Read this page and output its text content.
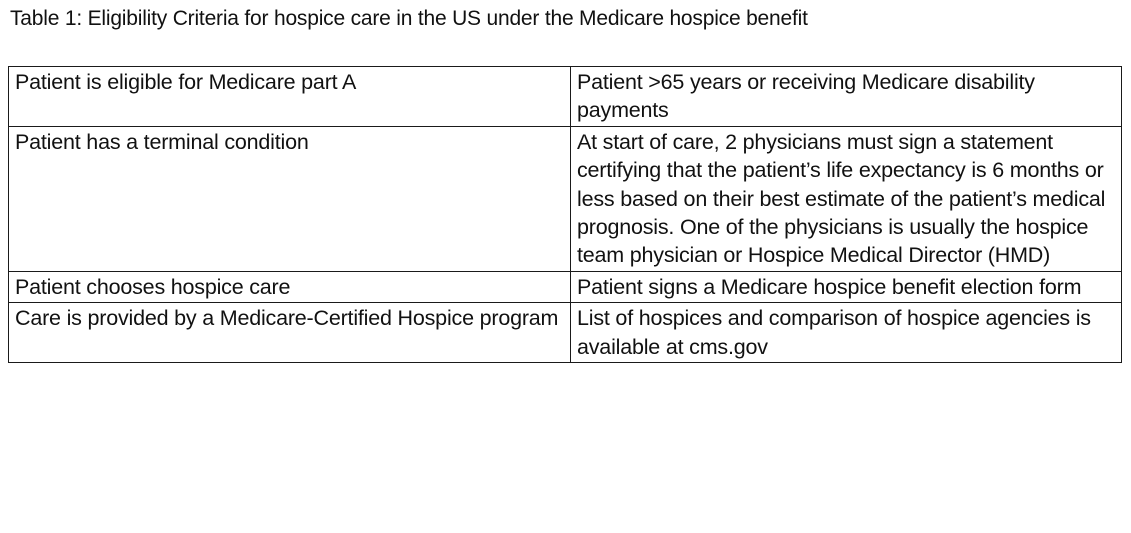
Table 1: Eligibility Criteria for hospice care in the US under the Medicare hospice benefit
Patient is eligible for Medicare part A	Patient >65 years or receiving Medicare disability payments
Patient has a terminal condition	At start of care, 2 physicians must sign a statement certifying that the patient’s life expectancy is 6 months or less based on their best estimate of the patient’s medical prognosis. One of the physicians is usually the hospice team physician or Hospice Medical Director (HMD)
Patient chooses hospice care	Patient signs a Medicare hospice benefit election form
Care is provided by a Medicare-Certified Hospice program	List of hospices and comparison of hospice agencies is available at cms.gov
